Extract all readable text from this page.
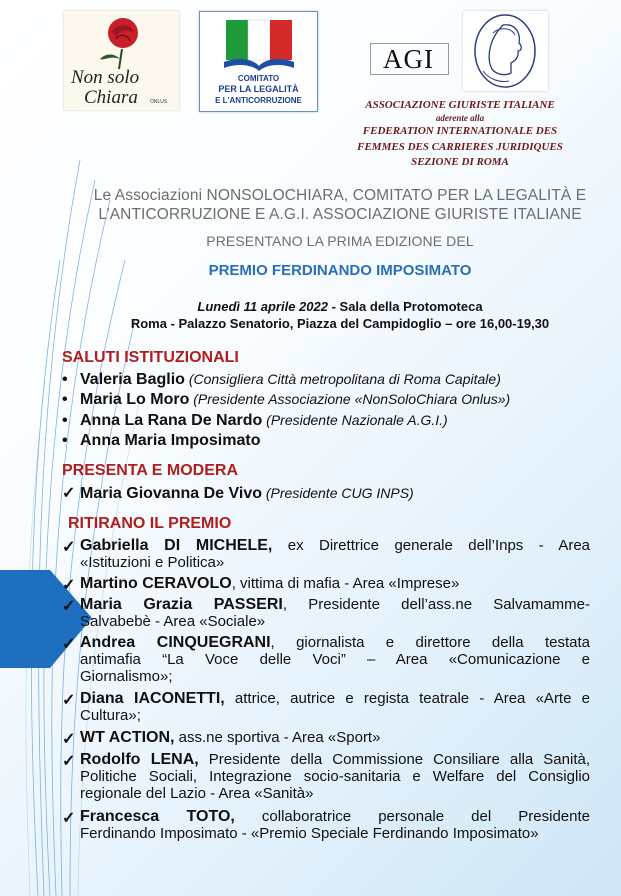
Non solo
Chiara ONLUS
COMITATO
PER LA LEGALITÀ
E L'ANTICORRUZIONE
AGI
ASSOCIAZIONE GIURISTE ITALIANE
aderente alla
FEDERATION INTERNATIONALE DES
FEMMES DES CARRIERES JURIDIQUES
SEZIONE DI ROMA
Le Associazioni NONSOLOCHIARA, COMITATO PER LA LEGALITÀ E
L’ANTICORRUZIONE E A.G.I. ASSOCIAZIONE GIURISTE ITALIANE
PRESENTANO LA PRIMA EDIZIONE DEL
PREMIO FERDINANDO IMPOSIMATO
Lunedì 11 aprile 2022 - Sala della Protomoteca
Roma - Palazzo Senatorio, Piazza del Campidoglio – ore 16,00-19,30
SALUTI ISTITUZIONALI
• Valeria Baglio (Consigliera Città metropolitana di Roma Capitale)
• Maria Lo Moro (Presidente Associazione «NonSoloChiara Onlus»)
• Anna La Rana De Nardo (Presidente Nazionale A.G.I.)
• Anna Maria Imposimato
PRESENTA E MODERA
✓ Maria Giovanna De Vivo (Presidente CUG INPS)
RITIRANO IL PREMIO
✓ Gabriella DI MICHELE, ex Direttrice generale dell’Inps - Area
«Istituzioni e Politica»
✓ Martino CERAVOLO, vittima di mafia - Area «Imprese»
✓ Maria Grazia PASSERI, Presidente dell’ass.ne Salvamamme-
Salvabebè - Area «Sociale»
✓ Andrea CINQUEGRANI, giornalista e direttore della testata
antimafia “La Voce delle Voci” – Area «Comunicazione e
Giornalismo»;
✓ Diana IACONETTI, attrice, autrice e regista teatrale - Area «Arte e
Cultura»;
✓ WT ACTION, ass.ne sportiva - Area «Sport»
✓ Rodolfo LENA, Presidente della Commissione Consiliare alla Sanità,
Politiche Sociali, Integrazione socio-sanitaria e Welfare del Consiglio
regionale del Lazio - Area «Sanità»
✓ Francesca TOTO, collaboratrice personale del Presidente
Ferdinando Imposimato - «Premio Speciale Ferdinando Imposimato»
